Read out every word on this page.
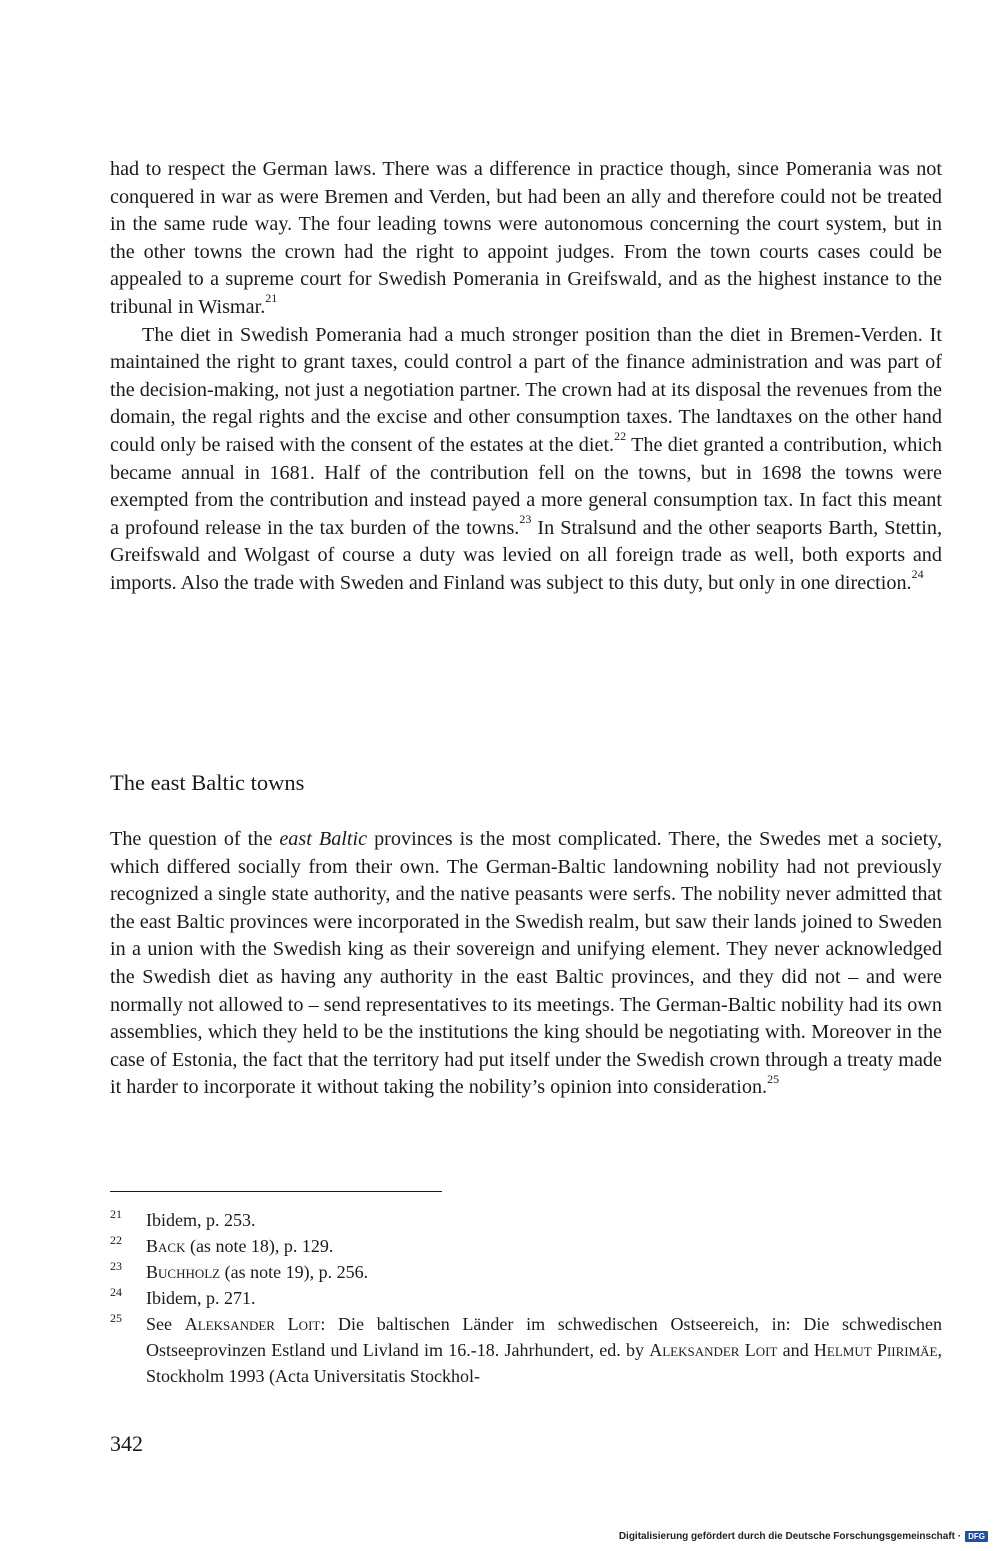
had to respect the German laws. There was a difference in practice though, since Pomerania was not conquered in war as were Bremen and Verden, but had been an ally and therefore could not be treated in the same rude way. The four leading towns were autonomous concerning the court system, but in the other towns the crown had the right to appoint judges. From the town courts cases could be appealed to a supreme court for Swedish Pomerania in Greifswald, and as the highest instance to the tribunal in Wismar.$^{21}$

The diet in Swedish Pomerania had a much stronger position than the diet in Bremen-Verden. It maintained the right to grant taxes, could control a part of the finance administration and was part of the decision-making, not just a negotiation partner. The crown had at its disposal the revenues from the domain, the regal rights and the excise and other consumption taxes. The landtaxes on the other hand could only be raised with the consent of the estates at the diet.$^{22}$ The diet granted a contribution, which became annual in 1681. Half of the contribution fell on the towns, but in 1698 the towns were exempted from the contribution and instead payed a more general consumption tax. In fact this meant a profound release in the tax burden of the towns.$^{23}$ In Stralsund and the other seaports Barth, Stettin, Greifswald and Wolgast of course a duty was levied on all foreign trade as well, both exports and imports. Also the trade with Sweden and Finland was subject to this duty, but only in one direction.$^{24}$

The east Baltic towns

The question of the east Baltic provinces is the most complicated. There, the Swedes met a society, which differed socially from their own. The German-Baltic landowning nobility had not previously recognized a single state authority, and the native peasants were serfs. The nobility never admitted that the east Baltic provinces were incorporated in the Swedish realm, but saw their lands joined to Sweden in a union with the Swedish king as their sovereign and unifying element. They never acknowledged the Swedish diet as having any authority in the east Baltic provinces, and they did not – and were normally not allowed to – send representatives to its meetings. The German-Baltic nobility had its own assemblies, which they held to be the institutions the king should be negotiating with. Moreover in the case of Estonia, the fact that the territory had put itself under the Swedish crown through a treaty made it harder to incorporate it without taking the nobility’s opinion into consideration.$^{25}$

21	Ibidem, p. 253.
22	Back (as note 18), p. 129.
23	Buchholz (as note 19), p. 256.
24	Ibidem, p. 271.
25	See Aleksander Loit: Die baltischen Länder im schwedischen Ostseereich, in: Die schwedischen Ostseeprovinzen Estland und Livland im 16.-18. Jahrhundert, ed. by Aleksander Loit and Helmut Piirimäe, Stockholm 1993 (Acta Universitatis Stockhol-
342
Digitalisierung gefördert durch die Deutsche Forschungsgemeinschaft · DFG
